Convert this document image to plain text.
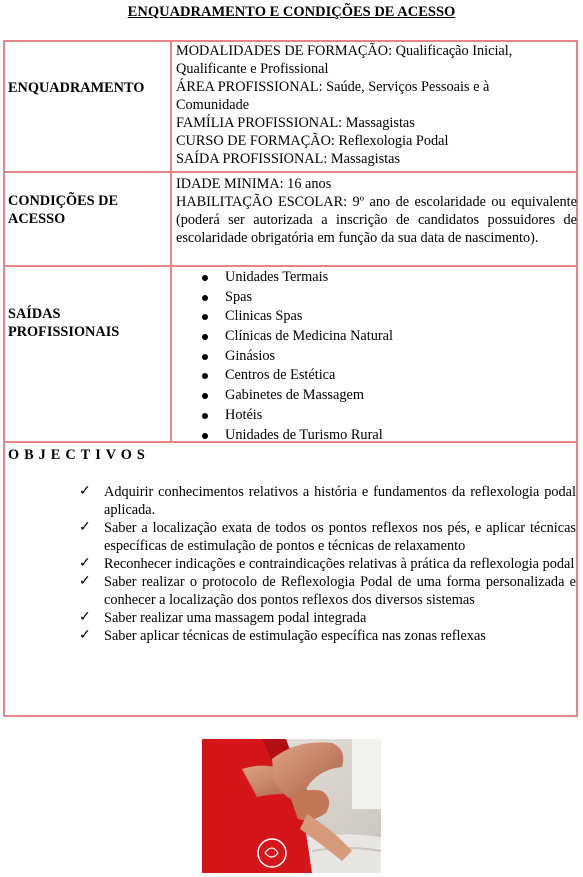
ENQUADRAMENTO E CONDIÇÕES DE ACESSO
ENQUADRAMENTO

MODALIDADES DE FORMAÇÃO: Qualificação Inicial, Qualificante e Profissional

ÁREA PROFISSIONAL: Saúde, Serviços Pessoais e à Comunidade

FAMÍLIA PROFISSIONAL: Massagistas

CURSO DE FORMAÇÃO: Reflexologia Podal

SAÍDA PROFISSIONAL: Massagistas

CONDIÇÕES DE ACESSO

IDADE MINIMA: 16 anos

HABILITAÇÃO ESCOLAR: 9º ano de escolaridade ou equivalente (poderá ser autorizada a inscrição de candidatos possuidores de escolaridade obrigatória em função da sua data de nascimento).

SAÍDAS PROFISSIONAIS
Unidades Termais
Spas
Clinicas Spas
Clínicas de Medicina Natural
Ginásios
Centros de Estética
Gabinetes de Massagem
Hotéis
Unidades de Turismo Rural
OBJECTIVOS
✓ Adquirir conhecimentos relativos a história e fundamentos da reflexologia podal aplicada.
✓ Saber a localização exata de todos os pontos reflexos nos pés, e aplicar técnicas específicas de estimulação de pontos e técnicas de relaxamento
✓ Reconhecer indicações e contraindicações relativas à prática da reflexologia podal
✓ Saber realizar o protocolo de Reflexologia Podal de uma forma personalizada e conhecer a localização dos pontos reflexos dos diversos sistemas
✓ Saber realizar uma massagem podal integrada
✓ Saber aplicar técnicas de estimulação específica nas zonas reflexas
